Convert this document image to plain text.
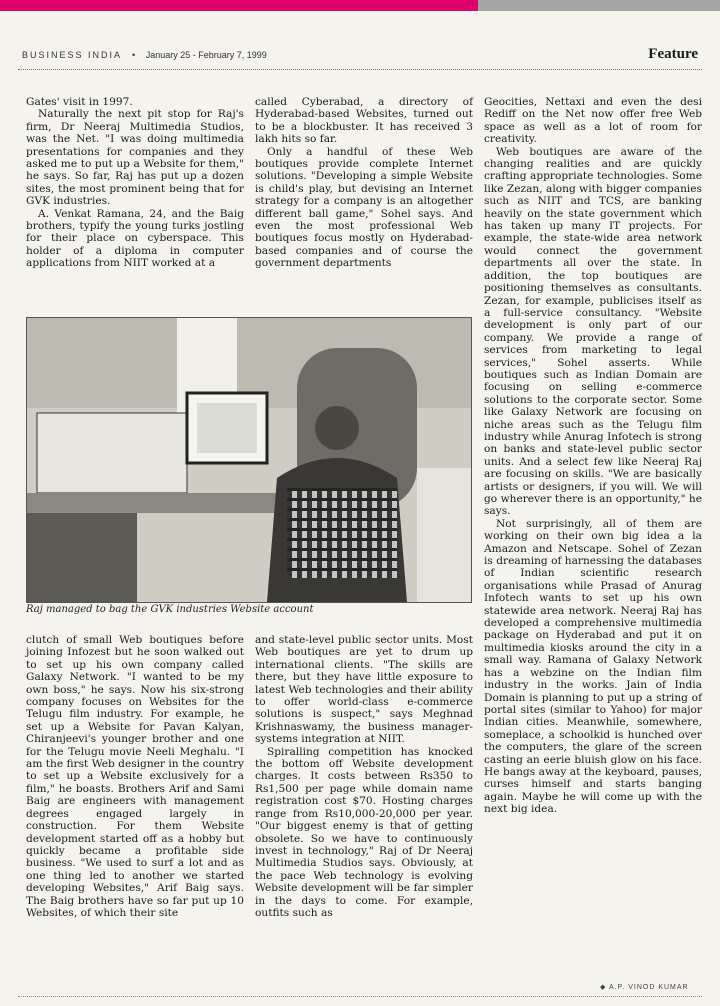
BUSINESS INDIA • January 25 - February 7, 1999	Feature

Gates' visit in 1997.

Naturally the next pit stop for Raj's firm, Dr Neeraj Multimedia Studios, was the Net. "I was doing multimedia presentations for companies and they asked me to put up a Website for them," he says. So far, Raj has put up a dozen sites, the most prominent being that for GVK industries.

A. Venkat Ramana, 24, and the Baig brothers, typify the young turks jostling for their place on cyberspace. This holder of a diploma in computer applications from NIIT worked at a

called Cyberabad, a directory of Hyderabad-based Websites, turned out to be a blockbuster. It has received 3 lakh hits so far.

Only a handful of these Web boutiques provide complete Internet solutions. "Developing a simple Website is child's play, but devising an Internet strategy for a company is an altogether different ball game," Sohel says. And even the most professional Web boutiques focus mostly on Hyderabad-based companies and of course the government departments

Geocities, Nettaxi and even the desi Rediff on the Net now offer free Web space as well as a lot of room for creativity.

Web boutiques are aware of the changing realities and are quickly crafting appropriate technologies. Some like Zezan, along with bigger companies such as NIIT and TCS, are banking heavily on the state government which has taken up many IT projects. For example, the state-wide area network would connect the government departments all over the state. In addition, the top boutiques are positioning themselves as consultants. Zezan, for example, publicises itself as a full-service consultancy. "Website development is only part of our company. We provide a range of services from marketing to legal services," Sohel asserts. While boutiques such as Indian Domain are focusing on selling e-commerce solutions to the corporate sector. Some like Galaxy Network are focusing on niche areas such as the Telugu film industry while Anurag Infotech is strong on banks and state-level public sector units. And a select few like Neeraj Raj are focusing on skills. "We are basically artists or designers, if you will. We will go wherever there is an opportunity," he says.

Not surprisingly, all of them are working on their own big idea a la Amazon and Netscape. Sohel of Zezan is dreaming of harnessing the databases of Indian scientific research organisations while Prasad of Anurag Infotech wants to set up his own statewide area network. Neeraj Raj has developed a comprehensive multimedia package on Hyderabad and put it on multimedia kiosks around the city in a small way. Ramana of Galaxy Network has a webzine on the Indian film industry in the works. Jain of India Domain is planning to put up a string of portal sites (similar to Yahoo) for major Indian cities. Meanwhile, somewhere, someplace, a schoolkid is hunched over the computers, the glare of the screen casting an eerie bluish glow on his face. He bangs away at the keyboard, pauses, curses himself and starts banging again. Maybe he will come up with the next big idea.

Raj managed to bag the GVK industries Website account

clutch of small Web boutiques before joining Infozest but he soon walked out to set up his own company called Galaxy Network. "I wanted to be my own boss," he says. Now his six-strong company focuses on Websites for the Telugu film industry. For example, he set up a Website for Pavan Kalyan, Chiranjeevi's younger brother and one for the Telugu movie Neeli Meghalu. "I am the first Web designer in the country to set up a Website exclusively for a film," he boasts. Brothers Arif and Sami Baig are engineers with management degrees engaged largely in construction. For them Website development started off as a hobby but quickly became a profitable side business. "We used to surf a lot and as one thing led to another we started developing Websites," Arif Baig says. The Baig brothers have so far put up 10 Websites, of which their site

and state-level public sector units. Most Web boutiques are yet to drum up international clients. "The skills are there, but they have little exposure to latest Web technologies and their ability to offer world-class e-commerce solutions is suspect," says Meghnad Krishnaswamy, the business manager-systems integration at NIIT.

Spiralling competition has knocked the bottom off Website development charges. It costs between Rs350 to Rs1,500 per page while domain name registration cost $70. Hosting charges range from Rs10,000-20,000 per year. "Our biggest enemy is that of getting obsolete. So we have to continuously invest in technology," Raj of Dr Neeraj Multimedia Studios says. Obviously, at the pace Web technology is evolving Website development will be far simpler in the days to come. For example, outfits such as

◆ A.P. VINOD KUMAR
